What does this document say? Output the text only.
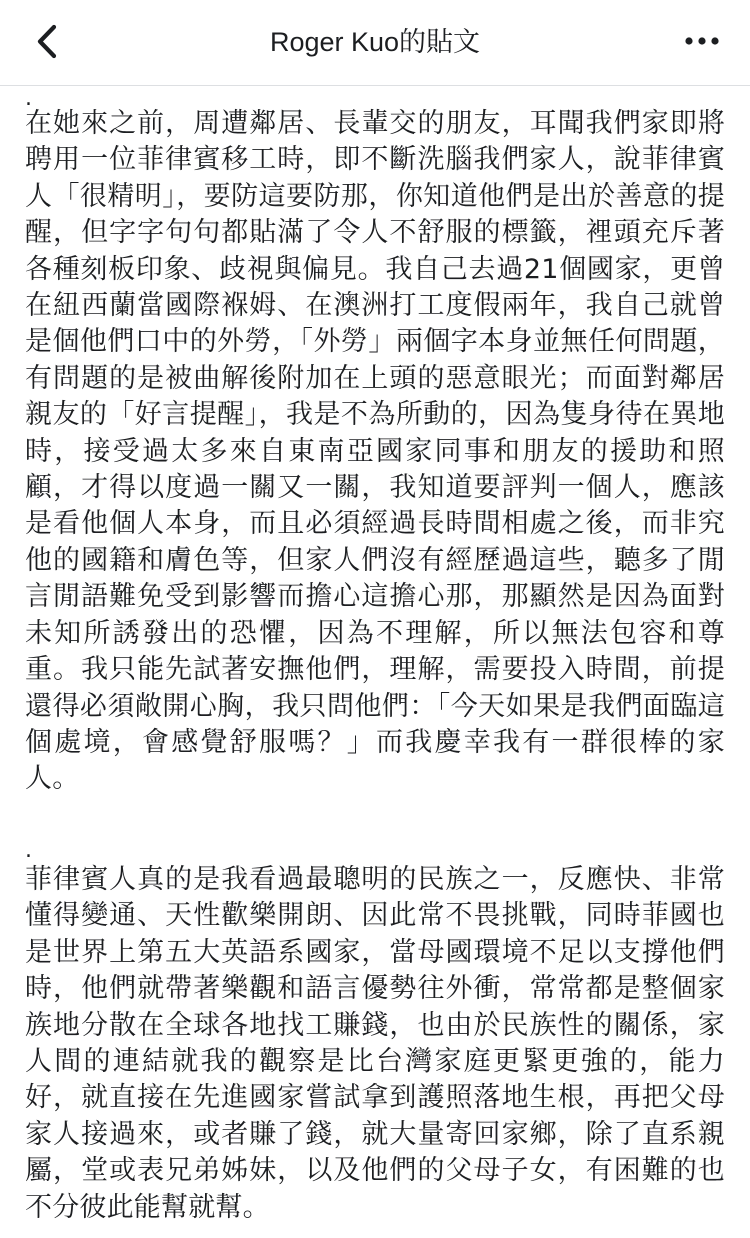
Roger Kuo的貼文
.

在她來之前，周遭鄰居、長輩交的朋友，耳聞我們家即將聘用一位菲律賓移工時，即不斷洗腦我們家人，說菲律賓人「很精明」，要防這要防那，你知道他們是出於善意的提醒，但字字句句都貼滿了令人不舒服的標籤，裡頭充斥著各種刻板印象、歧視與偏見。我自己去過21個國家，更曾在紐西蘭當國際褓姆、在澳洲打工度假兩年，我自己就曾是個他們口中的外勞，「外勞」兩個字本身並無任何問題，有問題的是被曲解後附加在上頭的惡意眼光；而面對鄰居親友的「好言提醒」，我是不為所動的，因為隻身待在異地時，接受過太多來自東南亞國家同事和朋友的援助和照顧，才得以度過一關又一關，我知道要評判一個人，應該是看他個人本身，而且必須經過長時間相處之後，而非究他的國籍和膚色等，但家人們沒有經歷過這些，聽多了閒言閒語難免受到影響而擔心這擔心那，那顯然是因為面對未知所誘發出的恐懼，因為不理解，所以無法包容和尊重。我只能先試著安撫他們，理解，需要投入時間，前提還得必須敞開心胸，我只問他們：「今天如果是我們面臨這個處境，會感覺舒服嗎？」而我慶幸我有一群很棒的家人。

.

菲律賓人真的是我看過最聰明的民族之一，反應快、非常懂得變通、天性歡樂開朗、因此常不畏挑戰，同時菲國也是世界上第五大英語系國家，當母國環境不足以支撐他們時，他們就帶著樂觀和語言優勢往外衝，常常都是整個家族地分散在全球各地找工賺錢，也由於民族性的關係，家人間的連結就我的觀察是比台灣家庭更緊更強的，能力好，就直接在先進國家嘗試拿到護照落地生根，再把父母家人接過來，或者賺了錢，就大量寄回家鄉，除了直系親屬，堂或表兄弟姊妹，以及他們的父母子女，有困難的也不分彼此能幫就幫。
